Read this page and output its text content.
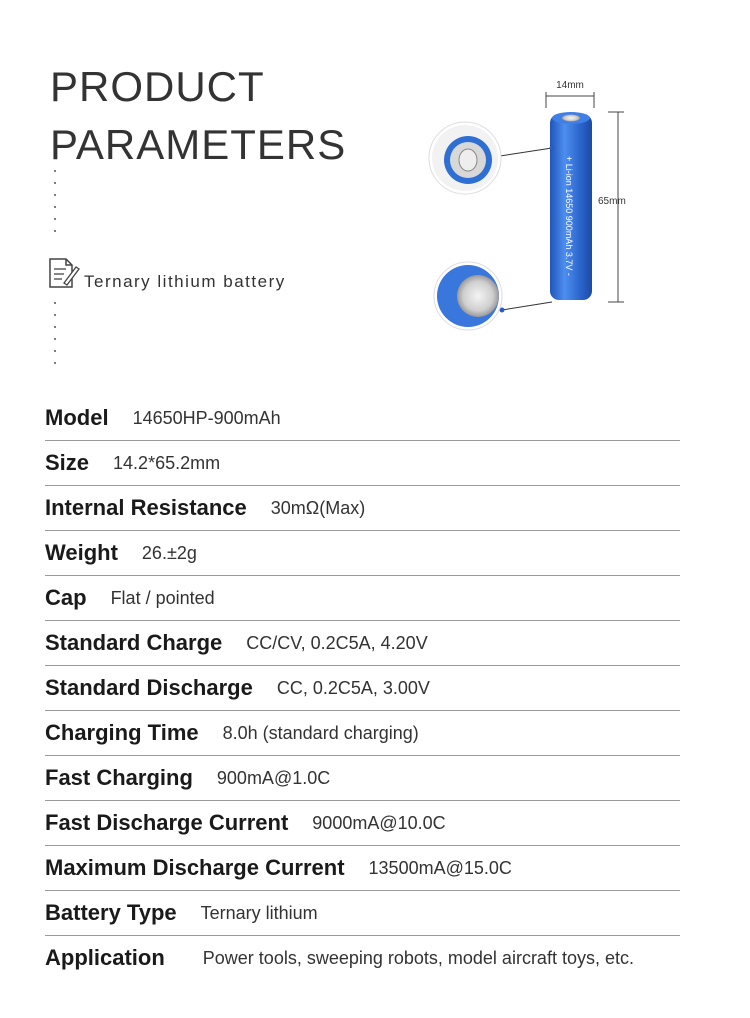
PRODUCT
PARAMETERS
Ternary lithium battery
14mm
65mm
+ Li-ion 14650 900mAh 3.7V -
Model 14650HP-900mAh
Size 14.2*65.2mm
Internal Resistance 30mΩ(Max)
Weight 26.±2g
Cap Flat / pointed
Standard Charge CC/CV, 0.2C5A, 4.20V
Standard Discharge CC, 0.2C5A, 3.00V
Charging Time 8.0h (standard charging)
Fast Charging 900mA@1.0C
Fast Discharge Current 9000mA@10.0C
Maximum Discharge Current 13500mA@15.0C
Battery Type Ternary lithium
Application Power tools, sweeping robots, model aircraft toys, etc.
